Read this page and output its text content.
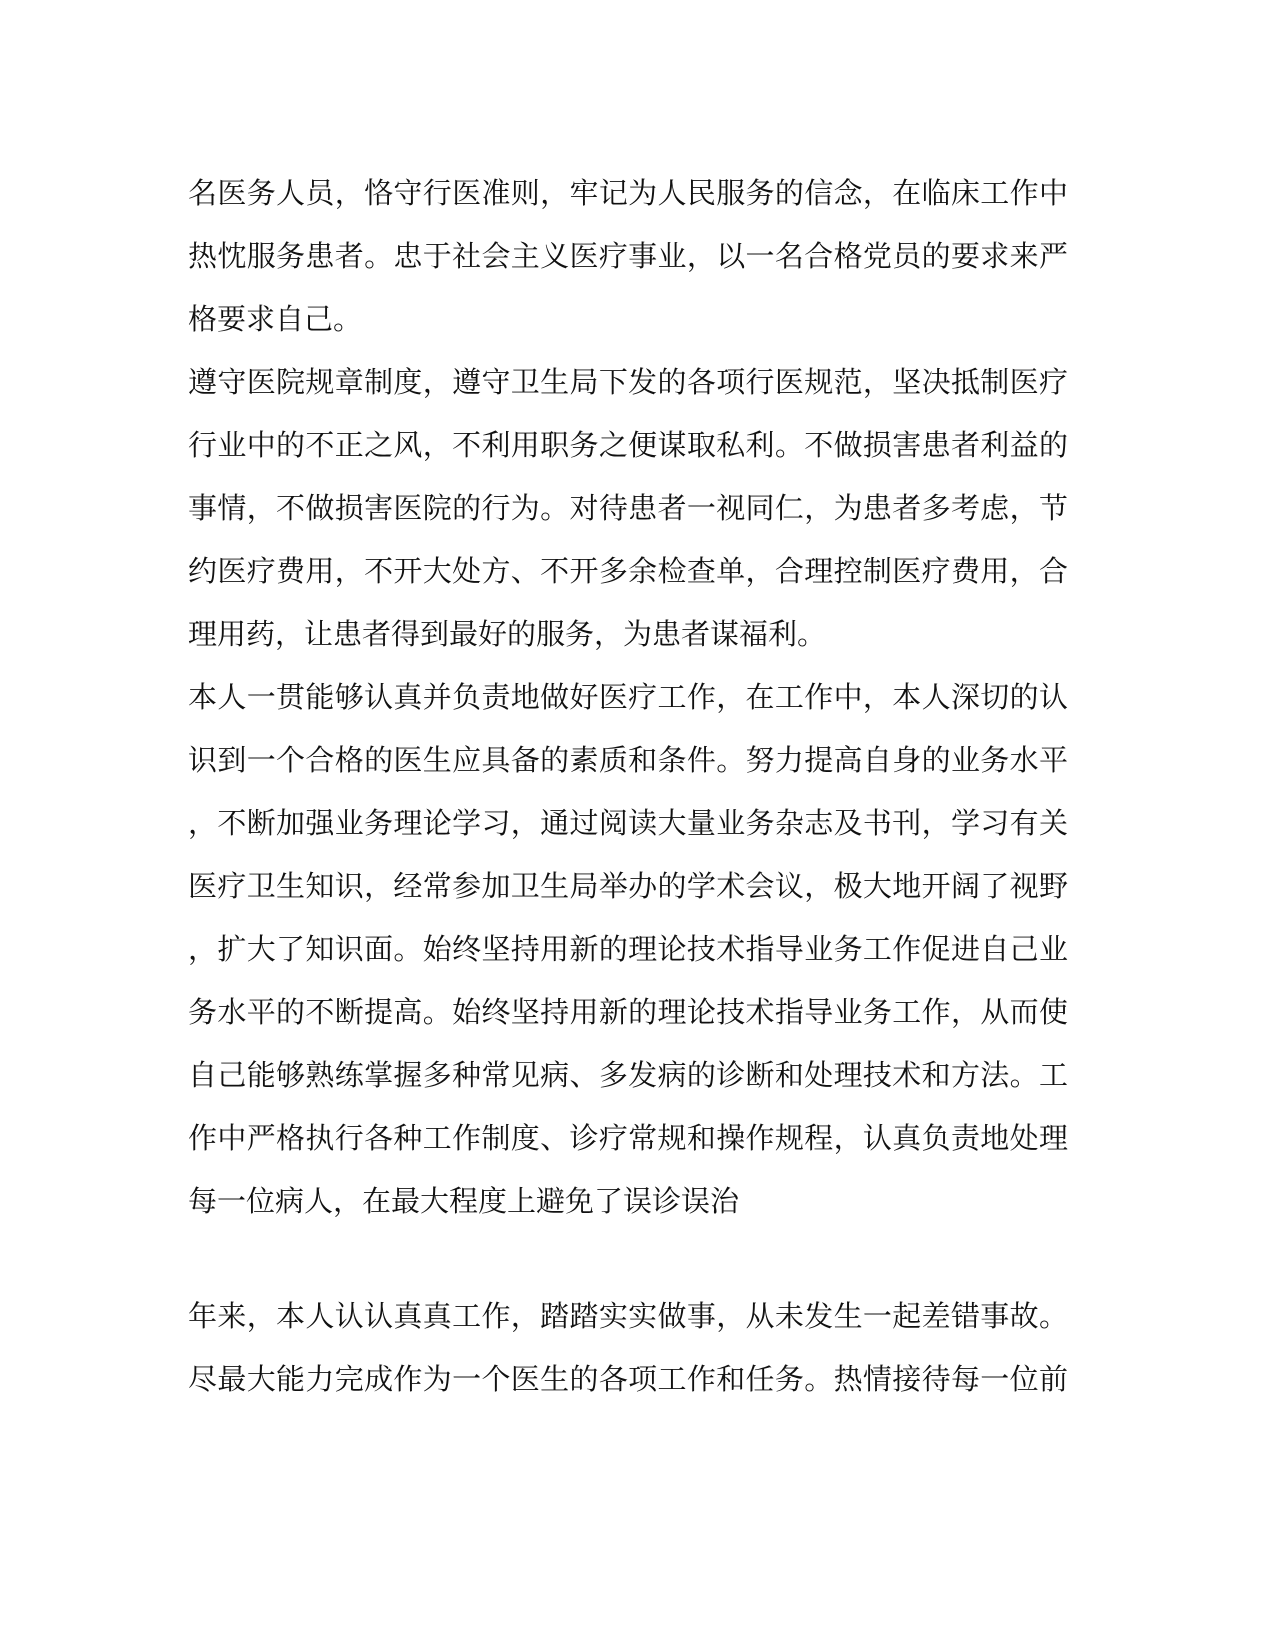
名医务人员，恪守行医准则，牢记为人民服务的信念，在临床工作中
热忱服务患者。忠于社会主义医疗事业，以一名合格党员的要求来严
格要求自己。
遵守医院规章制度，遵守卫生局下发的各项行医规范，坚决抵制医疗
行业中的不正之风，不利用职务之便谋取私利。不做损害患者利益的
事情，不做损害医院的行为。对待患者一视同仁，为患者多考虑，节
约医疗费用，不开大处方、不开多余检查单，合理控制医疗费用，合
理用药，让患者得到最好的服务，为患者谋福利。
本人一贯能够认真并负责地做好医疗工作，在工作中，本人深切的认
识到一个合格的医生应具备的素质和条件。努力提高自身的业务水平
，不断加强业务理论学习，通过阅读大量业务杂志及书刊，学习有关
医疗卫生知识，经常参加卫生局举办的学术会议，极大地开阔了视野
，扩大了知识面。始终坚持用新的理论技术指导业务工作促进自己业
务水平的不断提高。始终坚持用新的理论技术指导业务工作，从而使
自己能够熟练掌握多种常见病、多发病的诊断和处理技术和方法。工
作中严格执行各种工作制度、诊疗常规和操作规程，认真负责地处理
每一位病人，在最大程度上避免了误诊误治
年来，本人认认真真工作，踏踏实实做事，从未发生一起差错事故。
尽最大能力完成作为一个医生的各项工作和任务。热情接待每一位前
